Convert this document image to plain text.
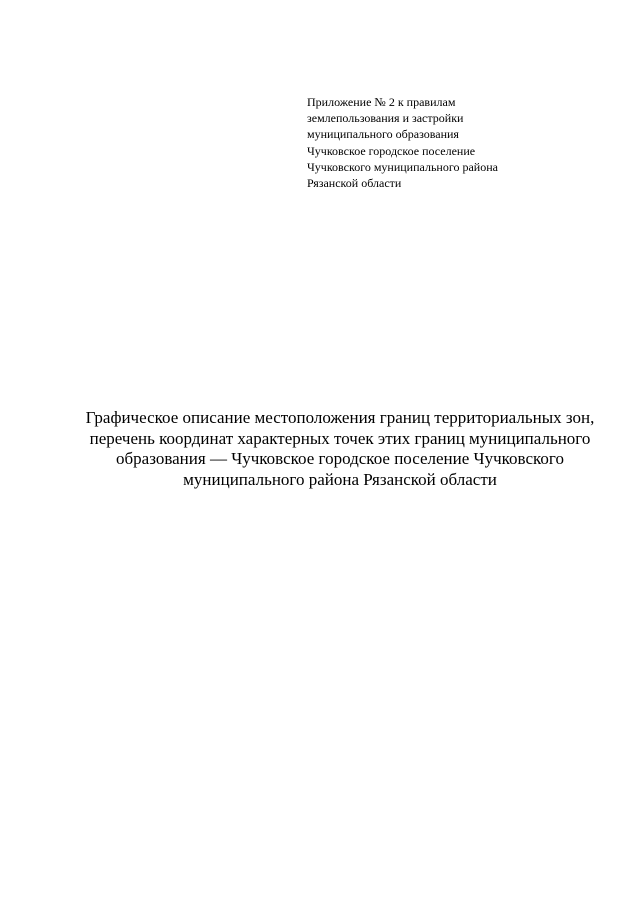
Приложение № 2 к правилам
землепользования и застройки
муниципального образования
Чучковское городское поселение
Чучковского муниципального района
Рязанской области
Графическое описание местоположения границ территориальных зон,
перечень координат характерных точек этих границ муниципального
образования — Чучковское городское поселение Чучковского
муниципального района Рязанской области
